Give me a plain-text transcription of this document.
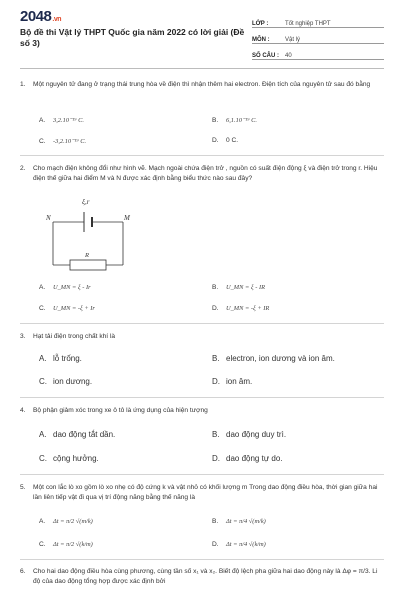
2048.vn
Bộ đề thi Vật lý THPT Quốc gia năm 2022 có lời giải (Đề số 3)
LỚP :	Tốt nghiệp THPT
MÔN :	Vật lý
SỐ CÂU :	40
1. Một nguyên tử đang ở trạng thái trung hòa về điện thì nhận thêm hai electron. Điện tích của nguyên tử sau đó bằng
A. 3,2.10⁻¹⁹ C.	B. 6,1.10⁻¹⁹ C.
C. -3,2.10⁻¹⁹ C.	D. 0 C.
2. Cho mạch điện không đổi như hình vẽ. Mạch ngoài chứa điện trở , nguồn có suất điện động ξ và điện trở trong r. Hiệu điện thế giữa hai điểm M và N được xác định bằng biểu thức nào sau đây?
ξ,r
N	M
R
A. U_MN = ξ - Ir	B. U_MN = ξ - IR
C. U_MN = -ξ + Ir	D. U_MN = -ξ + IR
3. Hạt tải điện trong chất khí là
A. lỗ trống.	B. electron, ion dương và ion âm.
C. ion dương.	D. ion âm.
4. Bộ phận giảm xóc trong xe ô tô là ứng dụng của hiện tượng
A. dao động tắt dần.	B. dao động duy trì.
C. cộng hưởng.	D. dao động tự do.
5. Một con lắc lò xo gồm lò xo nhẹ có độ cứng k và vật nhỏ có khối lượng m Trong dao động điều hòa, thời gian giữa hai lần liên tiếp vật đi qua vị trí động năng bằng thế năng là
A. Δt = π/2 √(m/k)	B. Δt = π/4 √(m/k)
C. Δt = π/2 √(k/m)	D. Δt = π/4 √(k/m)
6. Cho hai dao động điều hòa cùng phương, cùng tần số x₁ và x₂. Biết độ lệch pha giữa hai dao động này là Δφ = π/3. Li độ của dao động tổng hợp được xác định bởi
